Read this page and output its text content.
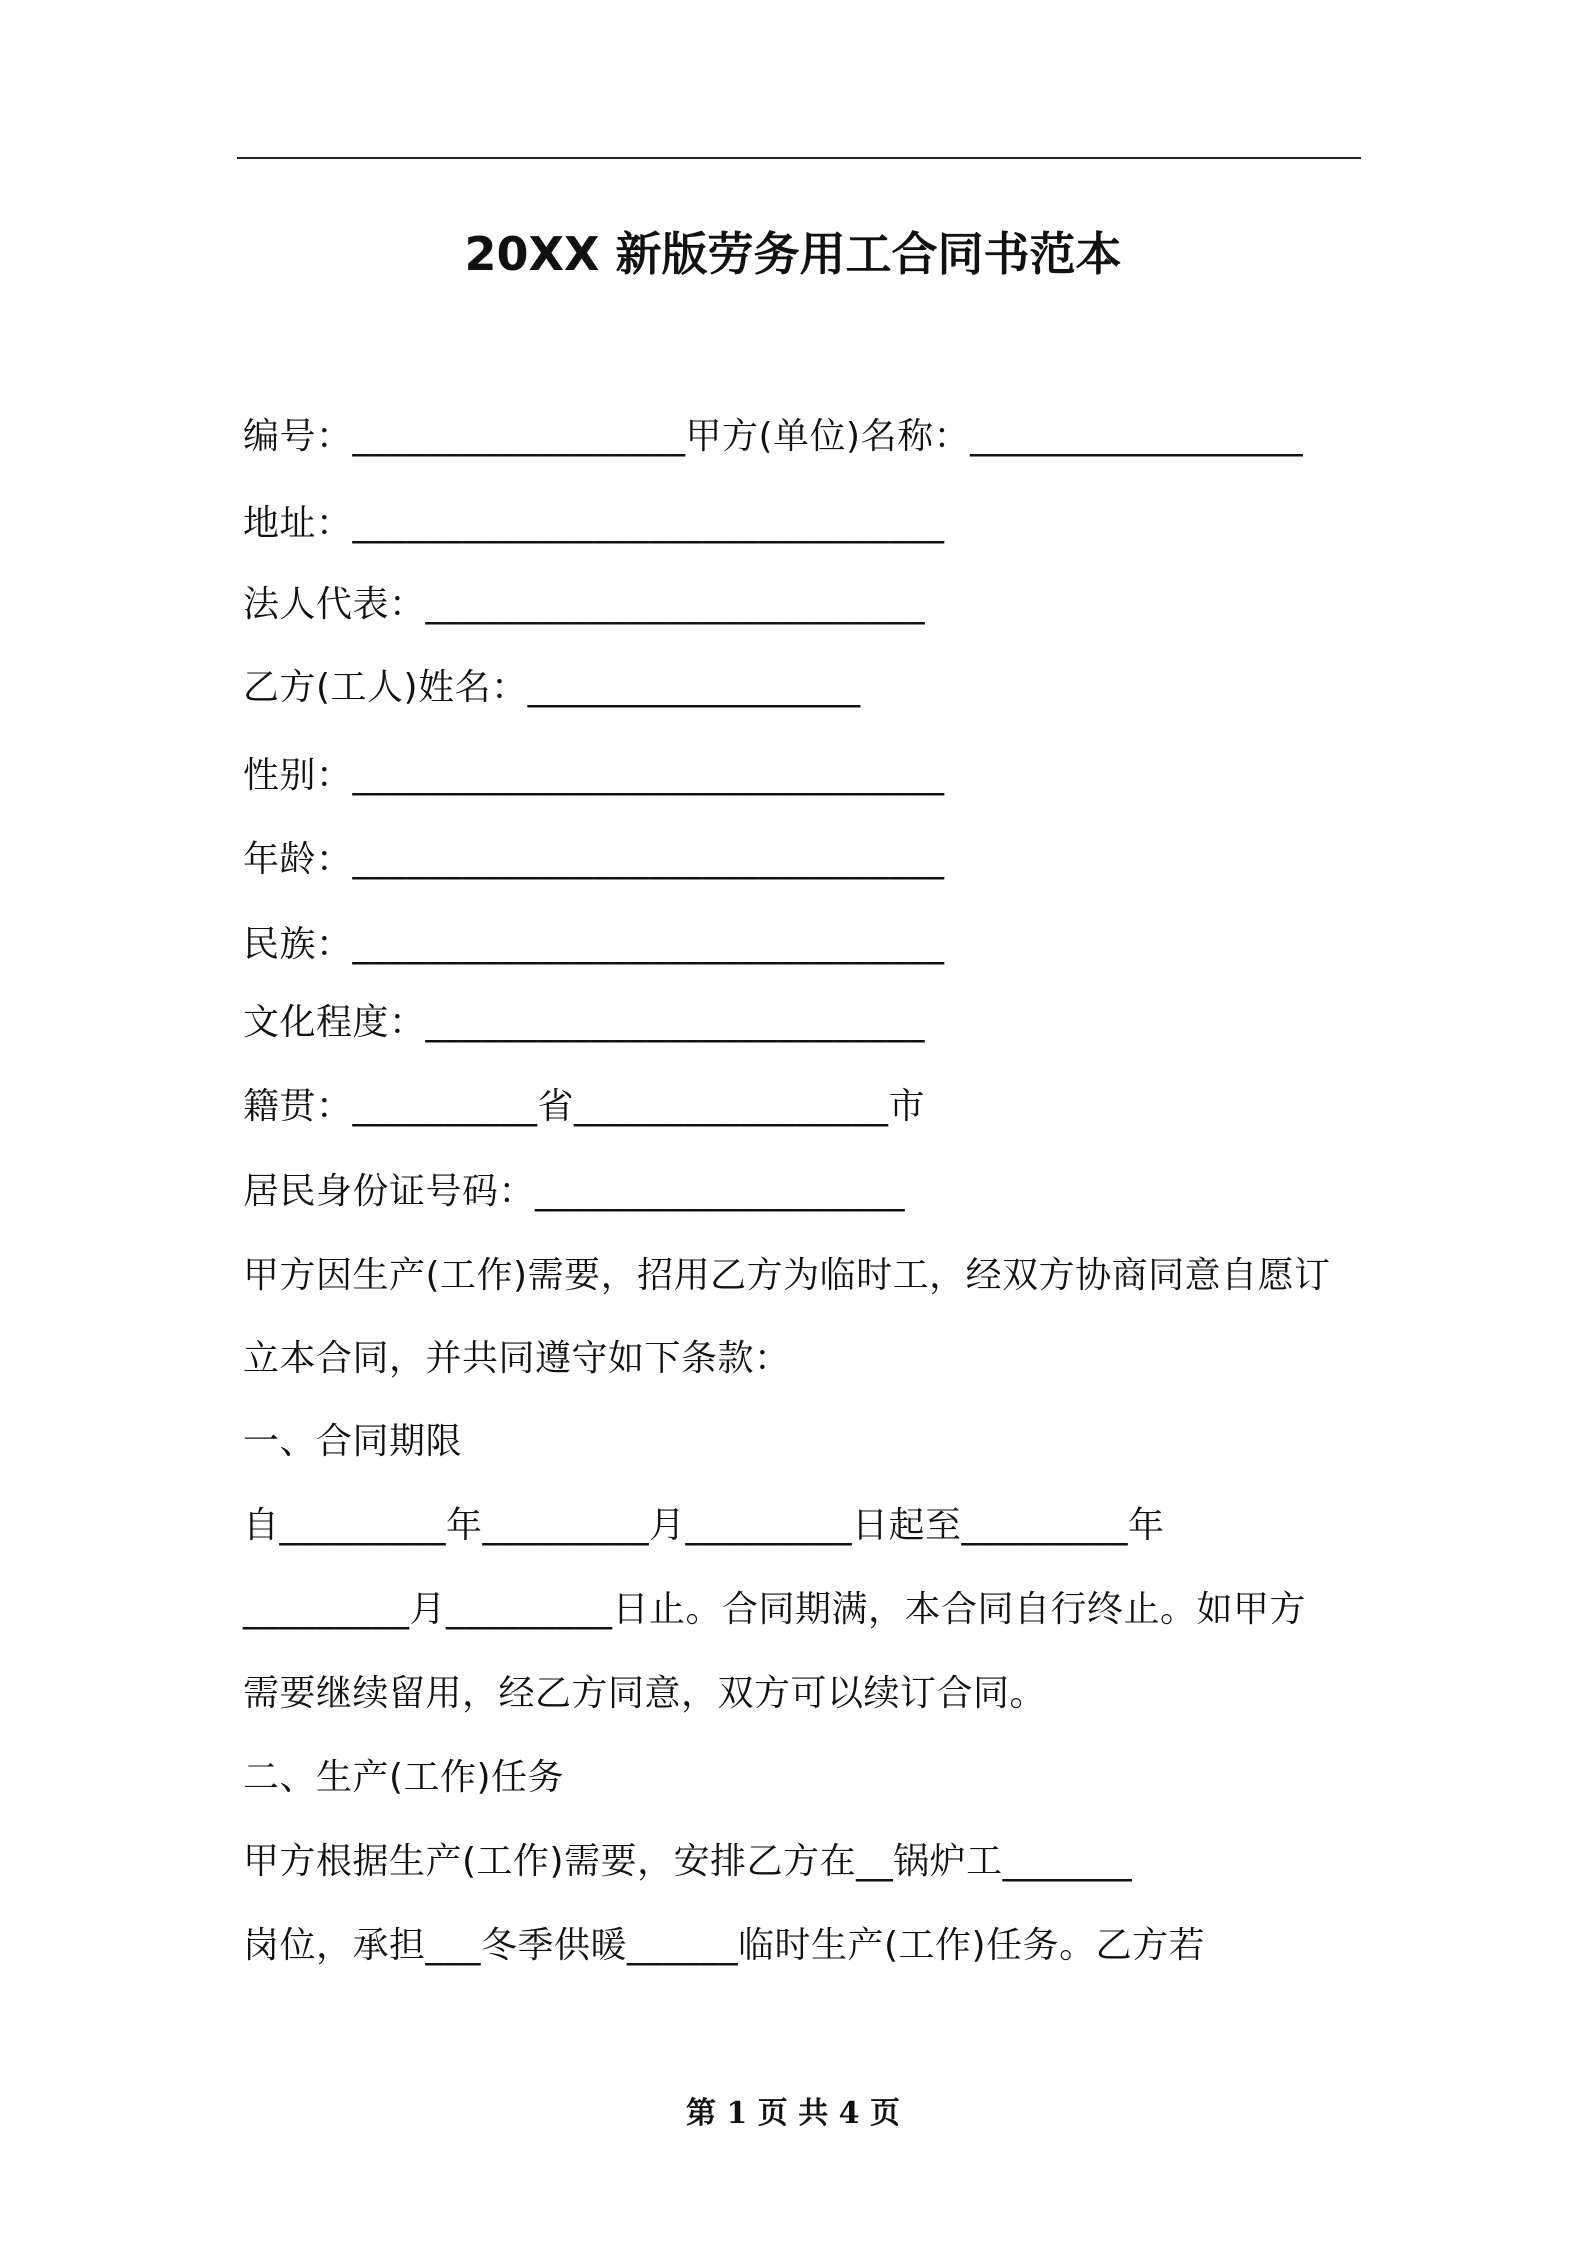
20XX 新版劳务用工合同书范本
编号：__________________甲方(单位)名称：__________________
地址：________________________________
法人代表：___________________________
乙方(工人)姓名：__________________
性别：________________________________
年龄：________________________________
民族：________________________________
文化程度：___________________________
籍贯：__________省_________________市
居民身份证号码：____________________
甲方因生产(工作)需要，招用乙方为临时工，经双方协商同意自愿订
立本合同，并共同遵守如下条款：
一、合同期限
自_________年_________月_________日起至_________年
_________月_________日止。合同期满，本合同自行终止。如甲方
需要继续留用，经乙方同意，双方可以续订合同。
二、生产(工作)任务
甲方根据生产(工作)需要，安排乙方在__锅炉工_______
岗位，承担___冬季供暖______临时生产(工作)任务。乙方若
第 1 页 共 4 页
